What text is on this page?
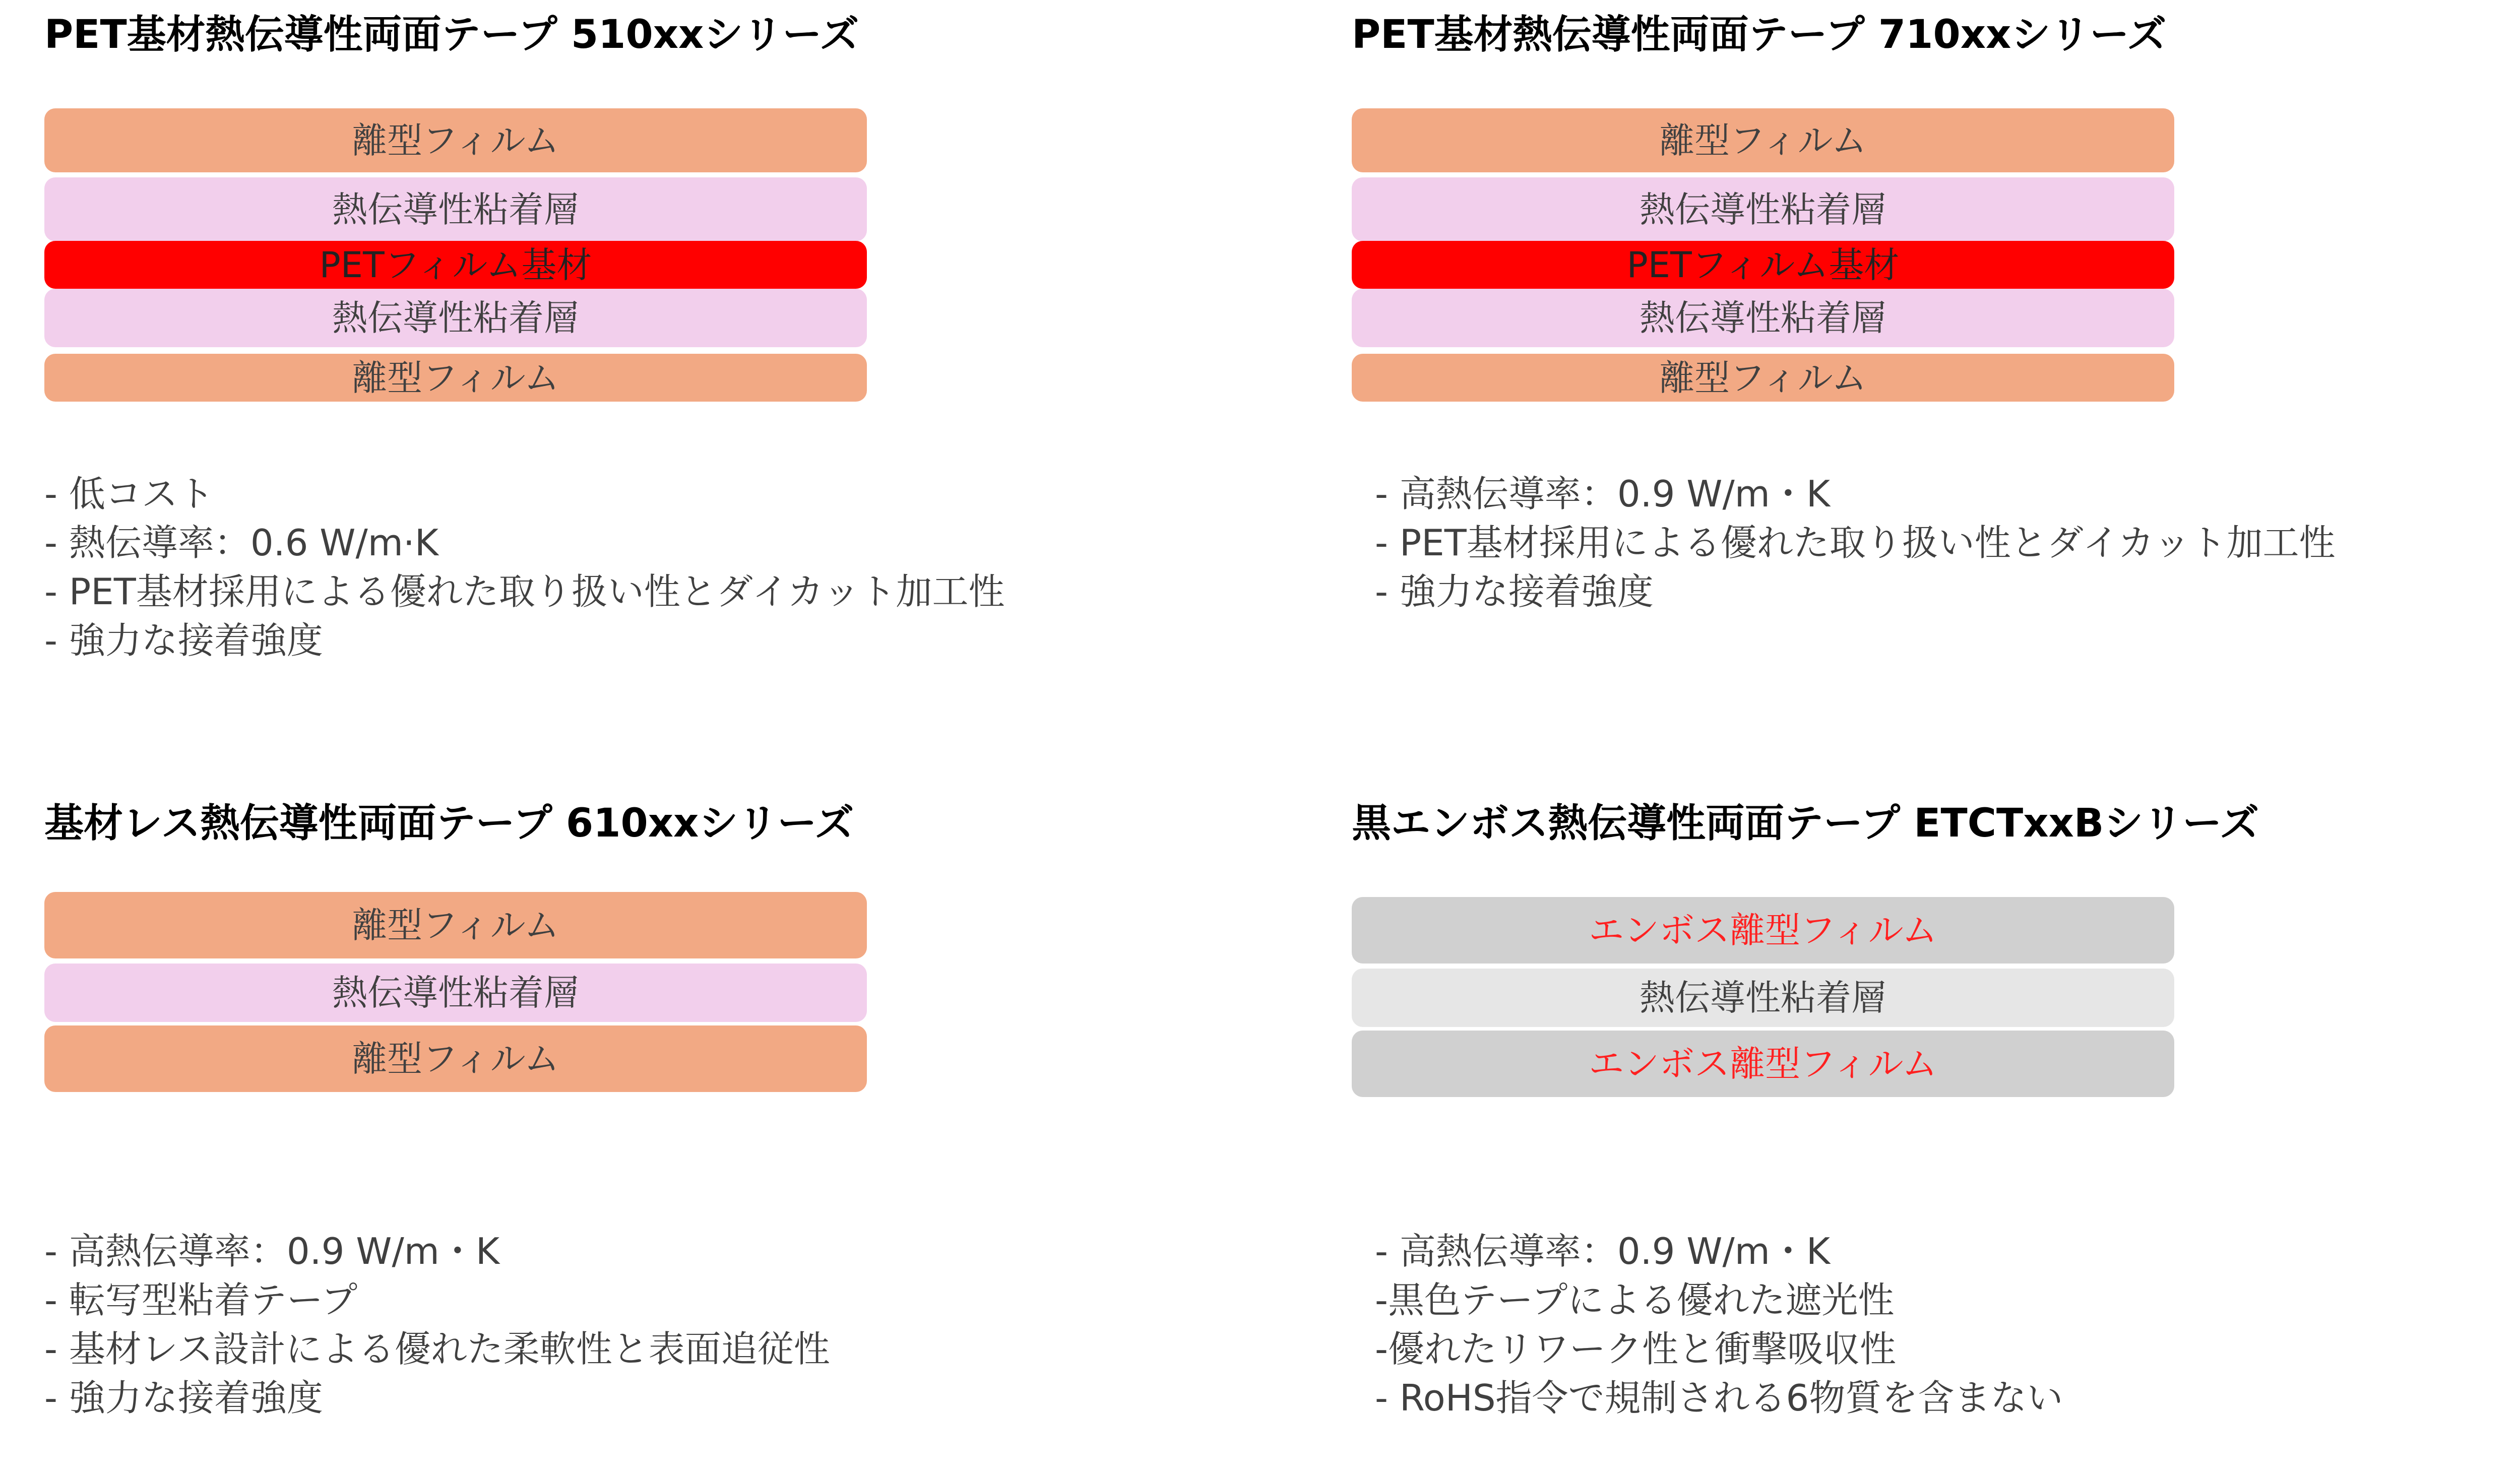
PET基材熱伝導性両面テープ 510xxシリーズ
離型フィルム
熱伝導性粘着層
PETフィルム基材
熱伝導性粘着層
離型フィルム
- 低コスト
- 熱伝導率：0.6 W/m·K
- PET基材採用による優れた取り扱い性とダイカット加工性
- 強力な接着強度
PET基材熱伝導性両面テープ 710xxシリーズ
離型フィルム
熱伝導性粘着層
PETフィルム基材
熱伝導性粘着層
離型フィルム
- 高熱伝導率：0.9 W/m・K
- PET基材採用による優れた取り扱い性とダイカット加工性
- 強力な接着強度
基材レス熱伝導性両面テープ 610xxシリーズ
離型フィルム
熱伝導性粘着層
離型フィルム
- 高熱伝導率：0.9 W/m・K
- 転写型粘着テープ
- 基材レス設計による優れた柔軟性と表面追従性
- 強力な接着強度
黒エンボス熱伝導性両面テープ ETCTxxBシリーズ
エンボス離型フィルム
熱伝導性粘着層
エンボス離型フィルム
- 高熱伝導率：0.9 W/m・K
-黒色テープによる優れた遮光性
-優れたリワーク性と衝撃吸収性
- RoHS指令で規制される6物質を含まない
